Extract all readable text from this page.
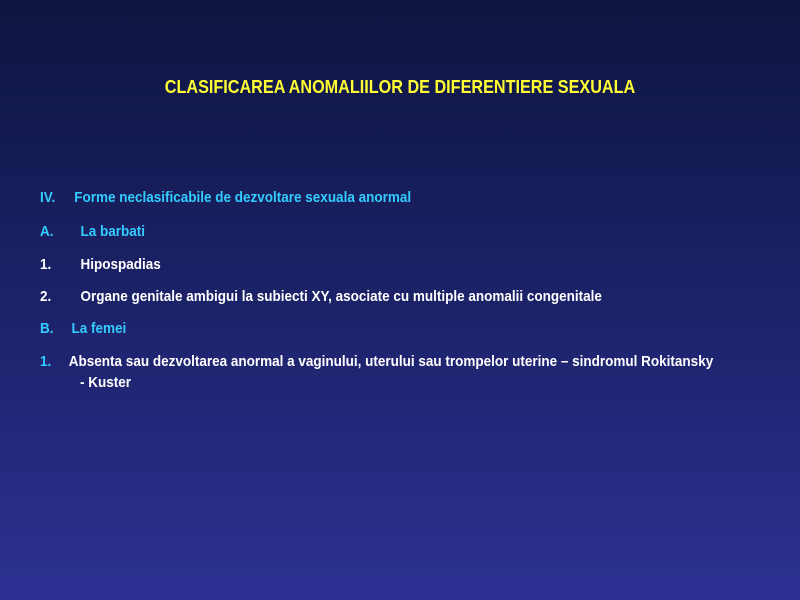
CLASIFICAREA ANOMALIILOR DE DIFERENTIERE SEXUALA
IV. Forme neclasificabile de dezvoltare sexuala anormal
A. La barbati
1. Hipospadias
2. Organe genitale ambigui la subiecti XY, asociate cu multiple anomalii congenitale
B. La femei
1. Absenta sau dezvoltarea anormal a vaginului, uterului sau trompelor uterine – sindromul Rokitansky
- Kuster
